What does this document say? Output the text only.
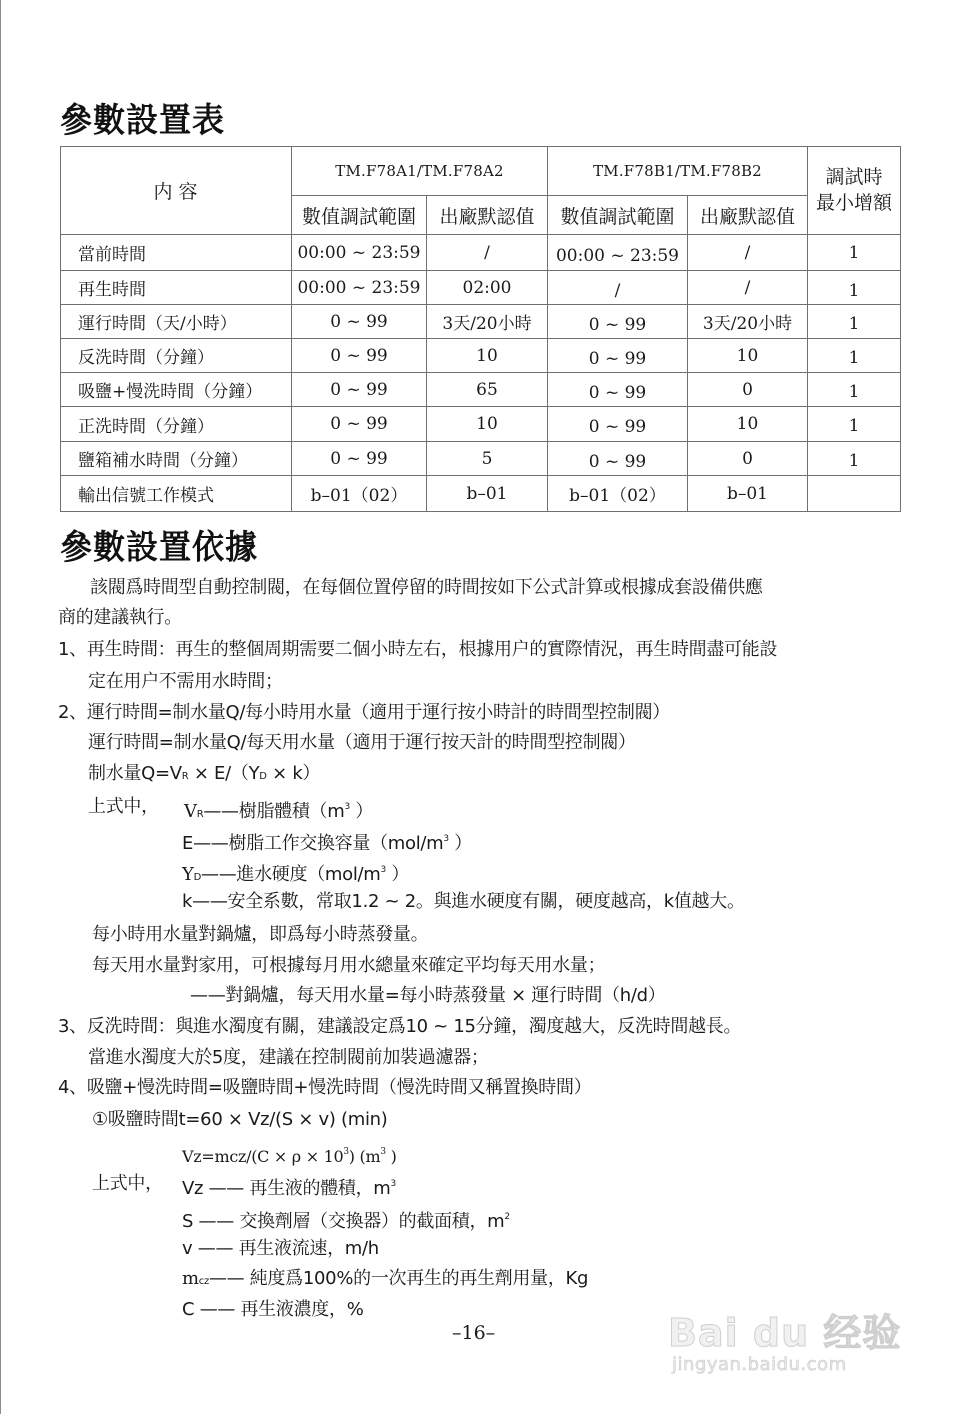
參數設置表
内 容
TM.F78A1/TM.F78A2	TM.F78B1/TM.F78B2	調試時
最小增額
數值調試範圍	出廠默認值	數值調試範圍	出廠默認值
當前時間	00:00 ~ 23:59	/	00:00 ~ 23:59	/	1
再生時間	00:00 ~ 23:59	02:00	/	/	1
運行時間（天/小時）	0 ~ 99	3天/20小時	0 ~ 99	3天/20小時	1
反洗時間（分鐘）	0 ~ 99	10	0 ~ 99	10	1
吸鹽+慢洗時間（分鐘）	0 ~ 99	65	0 ~ 99	0	1
正洗時間（分鐘）	0 ~ 99	10	0 ~ 99	10	1
鹽箱補水時間（分鐘）	0 ~ 99	5	0 ~ 99	0	1
輸出信號工作模式	b–01（02）	b–01	b–01（02）	b–01
參數設置依據
該閥爲時間型自動控制閥，在每個位置停留的時間按如下公式計算或根據成套設備供應
商的建議執行。
1、再生時間：再生的整個周期需要二個小時左右，根據用户的實際情況，再生時間盡可能設
定在用户不需用水時間；
2、運行時間=制水量Q/每小時用水量（適用于運行按小時計的時間型控制閥）
運行時間=制水量Q/每天用水量（適用于運行按天計的時間型控制閥）
制水量Q=VR × E/（YD × k）
上式中， VR——樹脂體積（$m^3$ ）
E——樹脂工作交換容量（$mol/m^3$ ）
YD——進水硬度（$mol/m^3$ ）
k——安全系數，常取1.2 ~ 2。與進水硬度有關，硬度越高，k值越大。
每小時用水量對鍋爐，即爲每小時蒸發量。
每天用水量對家用，可根據每月用水總量來確定平均每天用水量；
——對鍋爐，每天用水量=每小時蒸發量 × 運行時間（h/d）
3、反洗時間：與進水濁度有關，建議設定爲10 ~ 15分鐘，濁度越大，反洗時間越長。
當進水濁度大於5度，建議在控制閥前加裝過濾器；
4、吸鹽+慢洗時間=吸鹽時間+慢洗時間（慢洗時間又稱置換時間）
①吸鹽時間t=60 × Vz/(S × v) (min)
$Vz=mcz/(C \times \rho \times 10^3)$ ($m^3$ )
上式中， Vz —— 再生液的體積，$m^3$
S —— 交換劑層（交換器）的截面積，$m^2$
v —— 再生液流速，m/h
mcz—— 純度爲100%的一次再生的再生劑用量，Kg
C —— 再生液濃度，%
–16–	Bai du 经验
jingyan.baidu.com
